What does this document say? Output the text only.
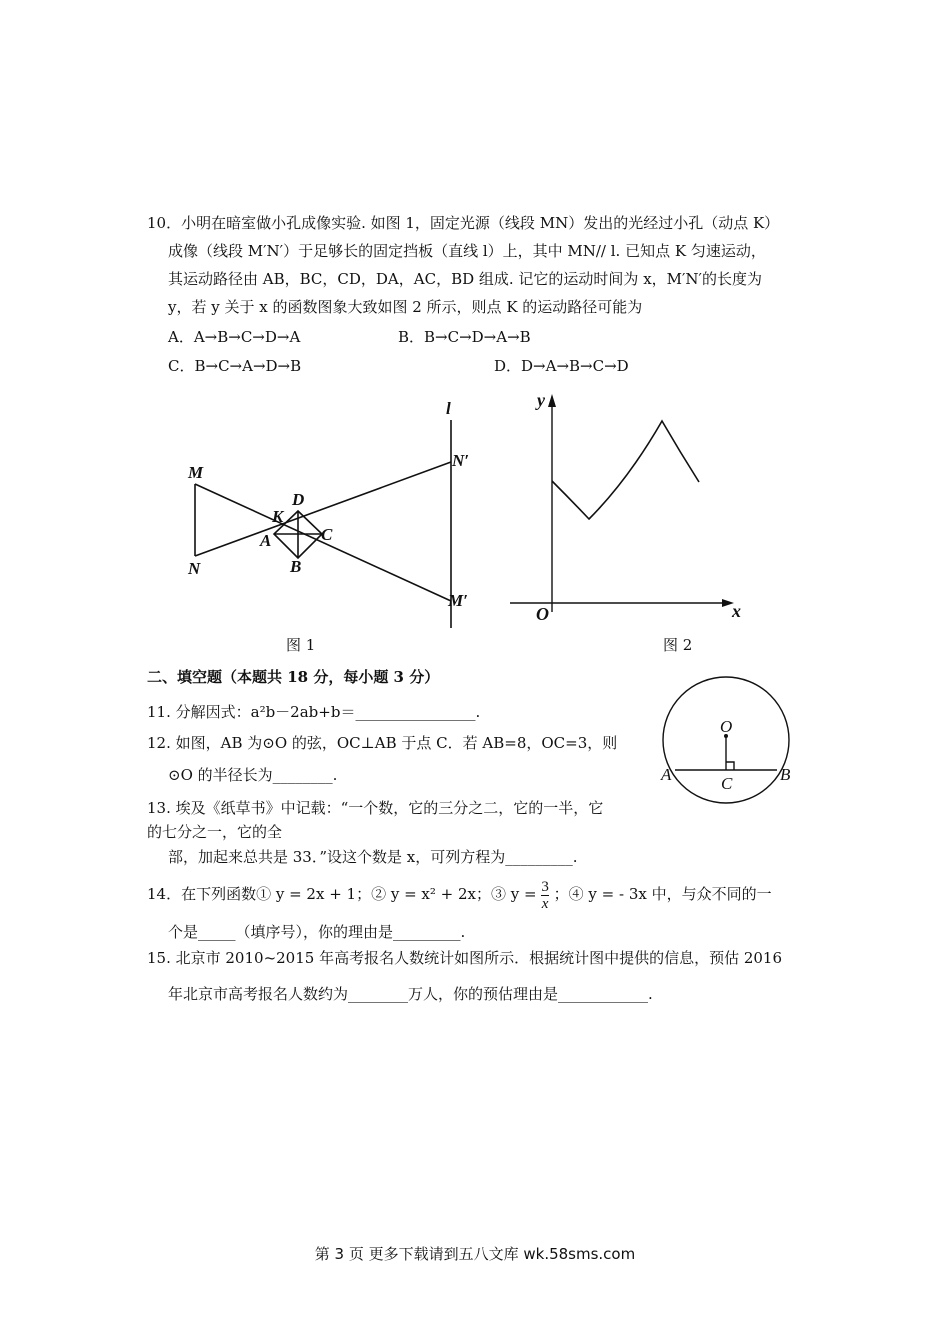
10．小明在暗室做小孔成像实验. 如图 1，固定光源（线段 MN）发出的光经过小孔（动点 K）
成像（线段 M′N′）于足够长的固定挡板（直线 l）上，其中 MN// l. 已知点 K 匀速运动，
其运动路径由 AB，BC，CD，DA，AC，BD 组成. 记它的运动时间为 x，M′N′的长度为
y，若 y 关于 x 的函数图象大致如图 2 所示，则点 K 的运动路径可能为
A．A→B→C→D→A	B．B→C→D→A→B
C．B→C→A→D→B	D．D→A→B→C→D
l
M
N
N′
M′
D
K
A	C
B
图 1
y
O	x
图 2
二、填空题（本题共 18 分，每小题 3 分）
11. 分解因式：a²b－2ab+b＝________________.
12. 如图，AB 为⊙O 的弦，OC⊥AB 于点 C．若 AB=8，OC=3，则
⊙O 的半径长为________.
O
A	B
C
13. 埃及《纸草书》中记载：“一个数，它的三分之二，它的一半，它
的七分之一，它的全
部，加起来总共是 33．”设这个数是 x，可列方程为_________.
14．在下列函数① y = 2x + 1；② y = x² + 2x；③ $y = \frac{3}{x}$ ；④ y = - 3x 中，与众不同的一
个是_____（填序号），你的理由是_________.
15. 北京市 2010~2015 年高考报名人数统计如图所示．根据统计图中提供的信息，预估 2016
年北京市高考报名人数约为________万人，你的预估理由是____________.
第 3 页 更多下载请到五八文库 wk.58sms.com
